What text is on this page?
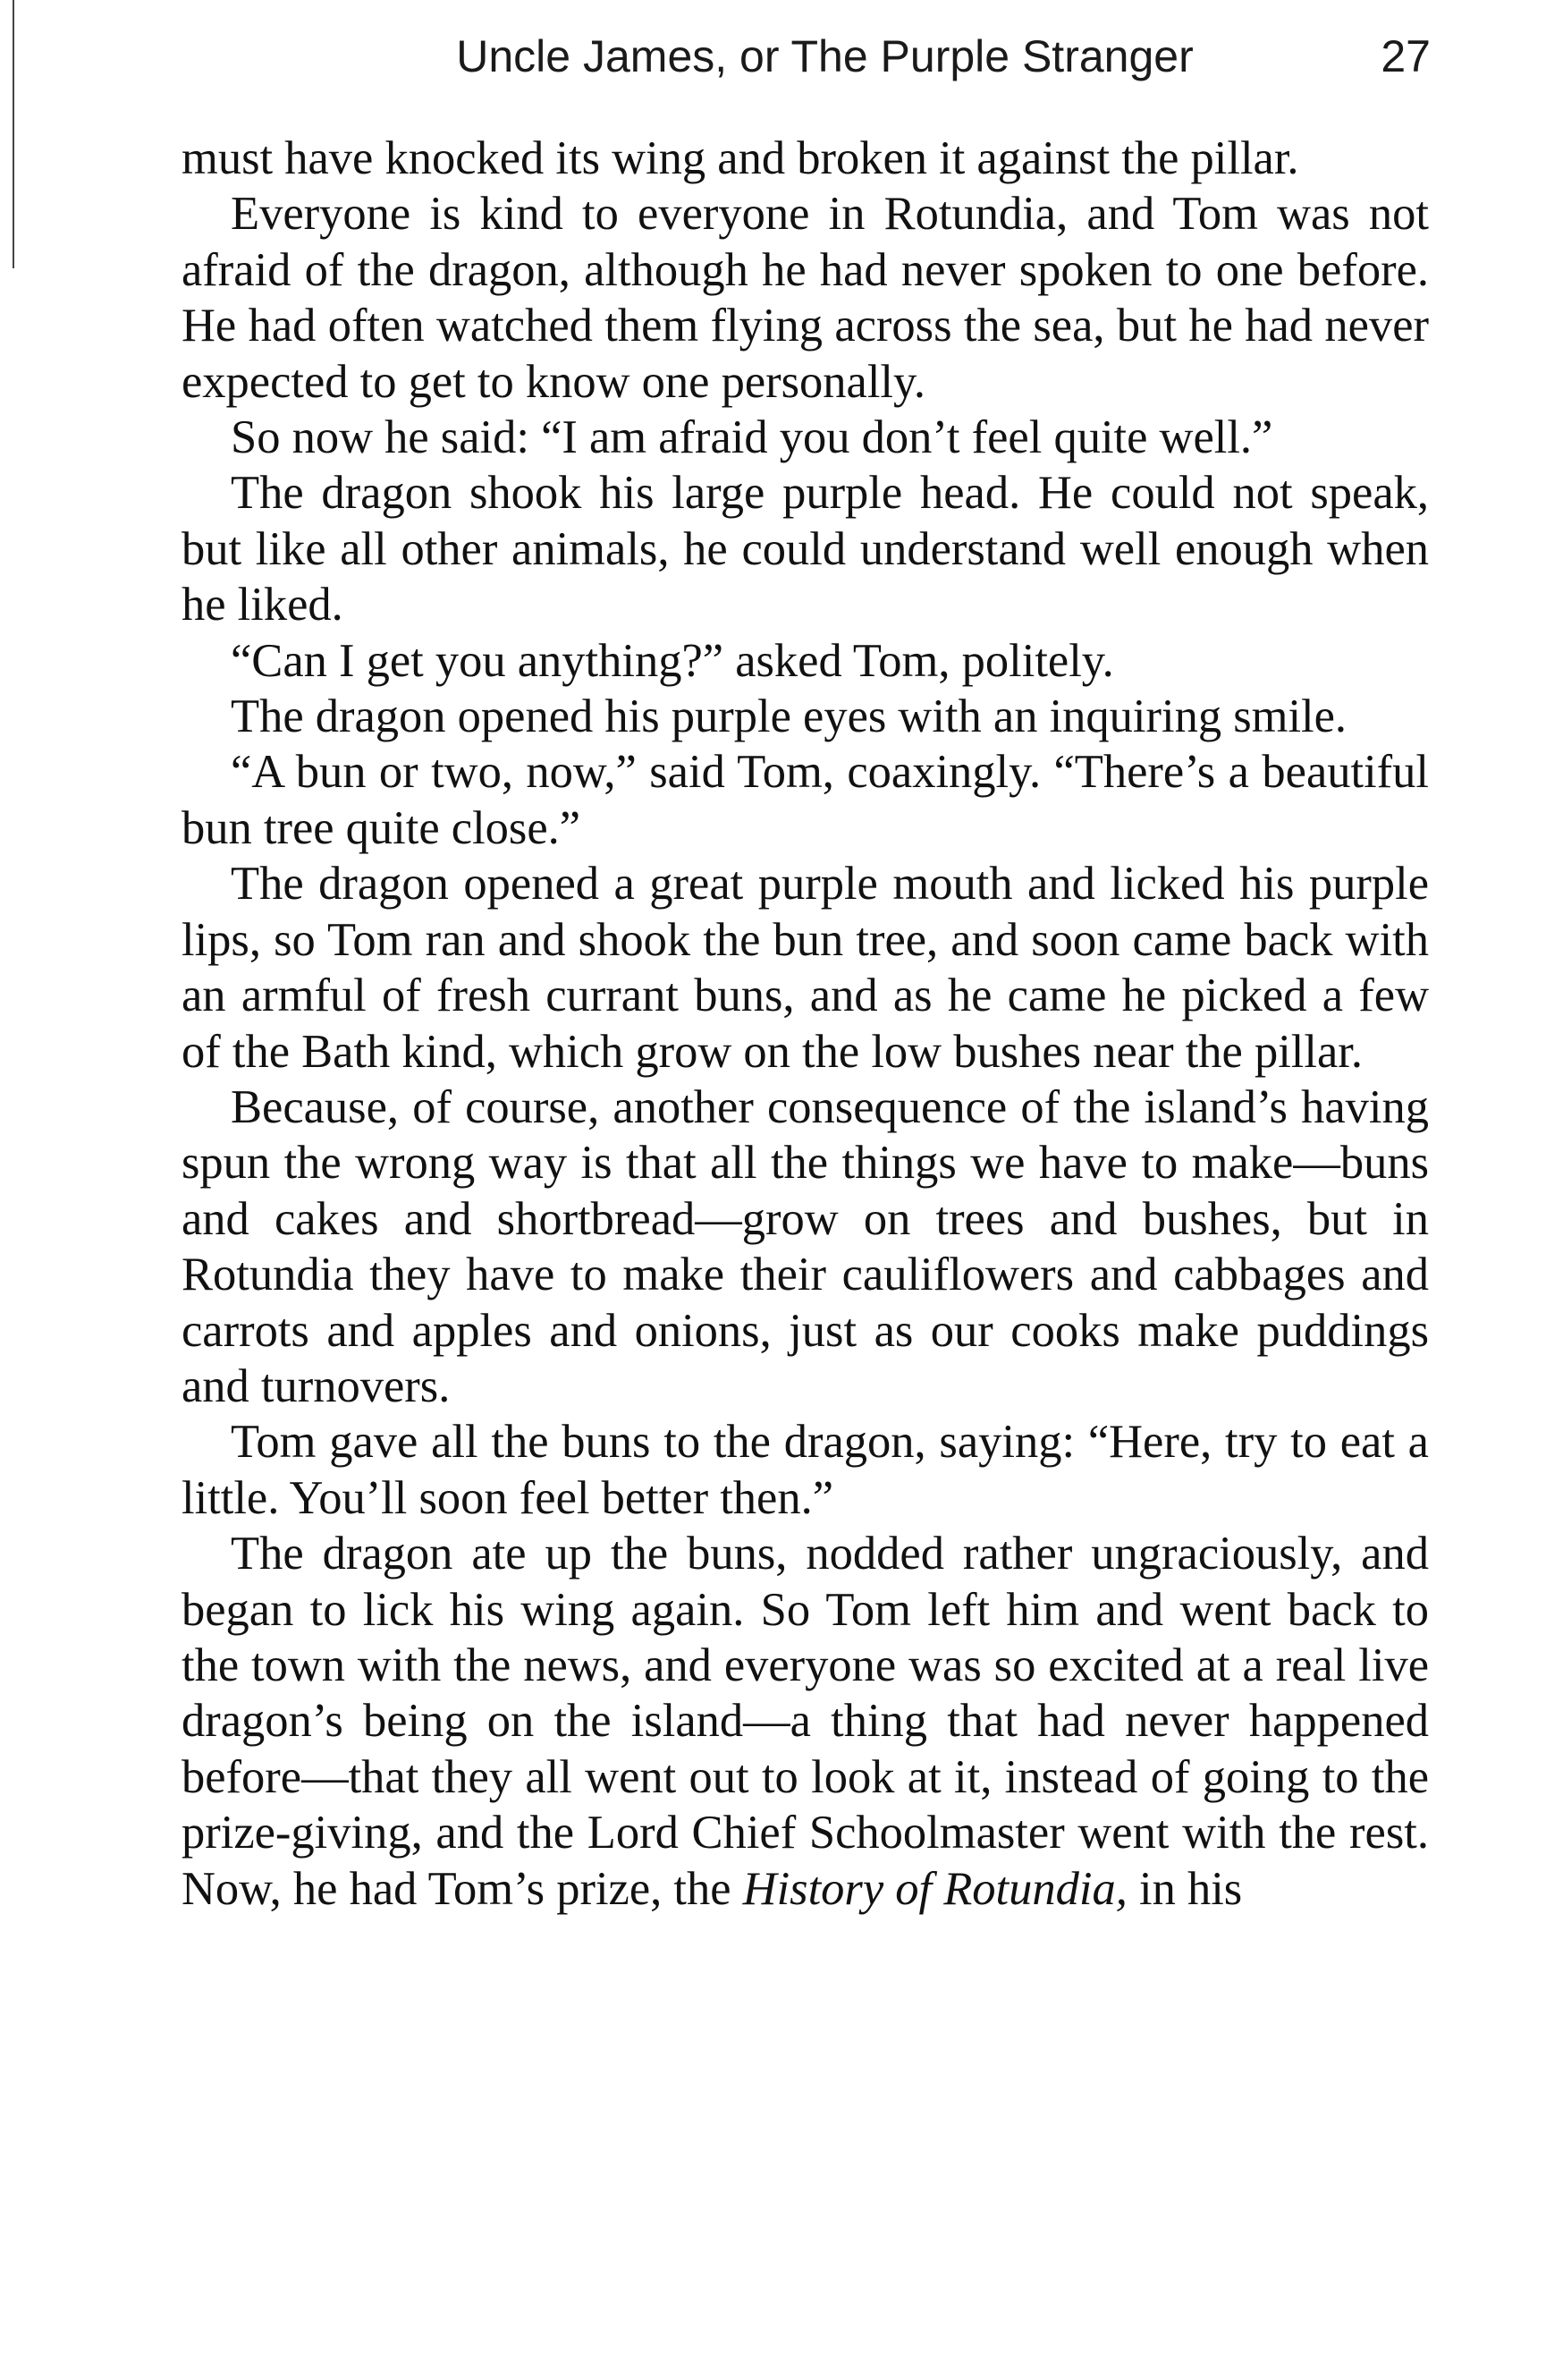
Uncle James, or The Purple Stranger	27

must have knocked its wing and broken it against the pillar.

Everyone is kind to everyone in Rotundia, and Tom was not afraid of the dragon, although he had never spoken to one before. He had often watched them flying across the sea, but he had never expected to get to know one personally.

So now he said: “I am afraid you don’t feel quite well.”

The dragon shook his large purple head. He could not speak, but like all other animals, he could understand well enough when he liked.

“Can I get you anything?” asked Tom, politely.

The dragon opened his purple eyes with an inquiring smile.

“A bun or two, now,” said Tom, coaxingly. “There’s a beautiful bun tree quite close.”

The dragon opened a great purple mouth and licked his purple lips, so Tom ran and shook the bun tree, and soon came back with an armful of fresh currant buns, and as he came he picked a few of the Bath kind, which grow on the low bushes near the pillar.

Because, of course, another consequence of the island’s having spun the wrong way is that all the things we have to make—buns and cakes and shortbread—grow on trees and bushes, but in Rotundia they have to make their cauliflowers and cabbages and carrots and apples and onions, just as our cooks make puddings and turnovers.

Tom gave all the buns to the dragon, saying: “Here, try to eat a little. You’ll soon feel better then.”

The dragon ate up the buns, nodded rather ungraciously, and began to lick his wing again. So Tom left him and went back to the town with the news, and everyone was so excited at a real live dragon’s being on the island—a thing that had never happened before—that they all went out to look at it, instead of going to the prize-giving, and the Lord Chief Schoolmaster went with the rest. Now, he had Tom’s prize, the History of Rotundia, in his
